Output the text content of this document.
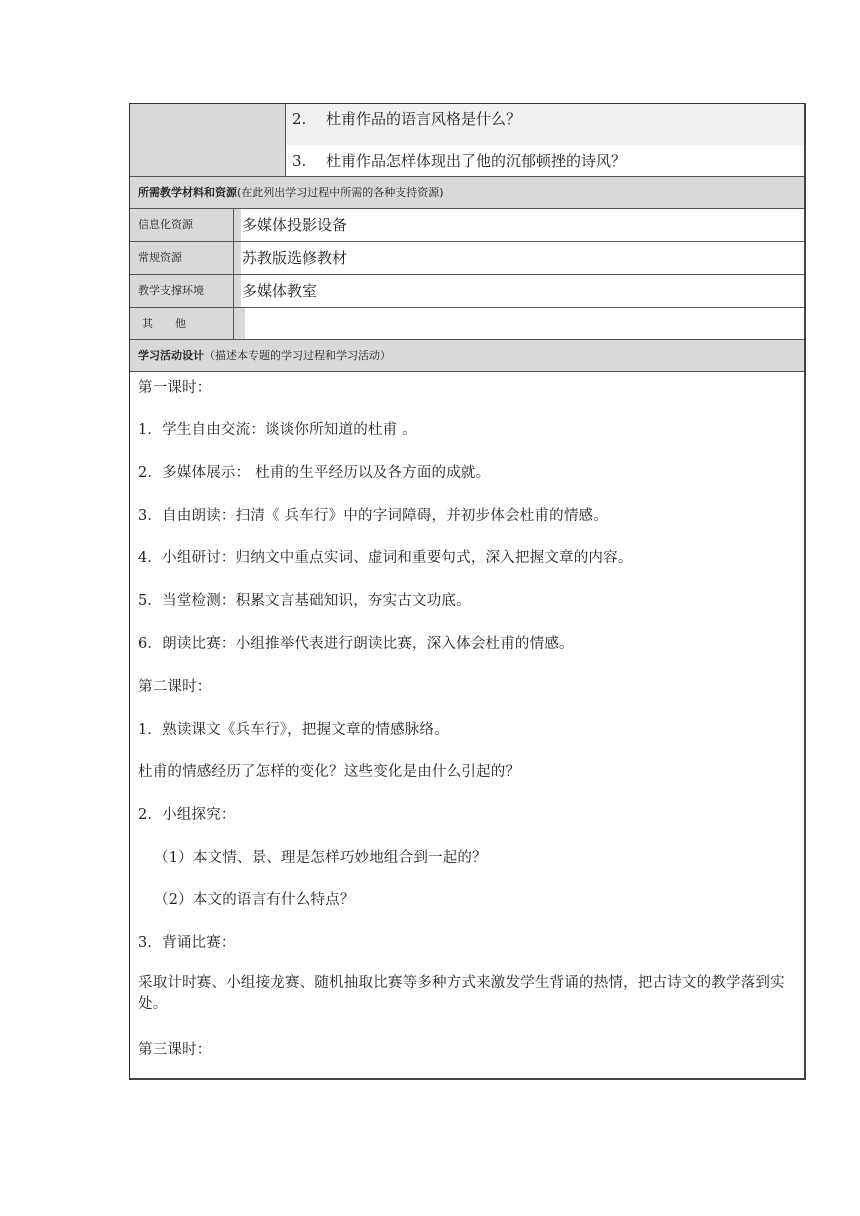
2. 杜甫作品的语言风格是什么？
3. 杜甫作品怎样体现出了他的沉郁顿挫的诗风？
所需教学材料和资源(在此列出学习过程中所需的各种支持资源)
信息化资源	多媒体投影设备
常规资源	苏教版选修教材
教学支撑环境	多媒体教室
其　　他
学习活动设计（描述本专题的学习过程和学习活动）
第一课时：
1．学生自由交流：谈谈你所知道的杜甫 。
2．多媒体展示： 杜甫的生平经历以及各方面的成就。
3．自由朗读：扫清《 兵车行》中的字词障碍，并初步体会杜甫的情感。
4．小组研讨：归纳文中重点实词、虚词和重要句式，深入把握文章的内容。
5．当堂检测：积累文言基础知识，夯实古文功底。
6．朗读比赛：小组推举代表进行朗读比赛，深入体会杜甫的情感。
第二课时：
1．熟读课文《兵车行》，把握文章的情感脉络。
杜甫的情感经历了怎样的变化？这些变化是由什么引起的？
2．小组探究：
（1）本文情、景、理是怎样巧妙地组合到一起的？
（2）本文的语言有什么特点？
3．背诵比赛：
采取计时赛、小组接龙赛、随机抽取比赛等多种方式来激发学生背诵的热情，把古诗文的教学落到实处。
第三课时：
